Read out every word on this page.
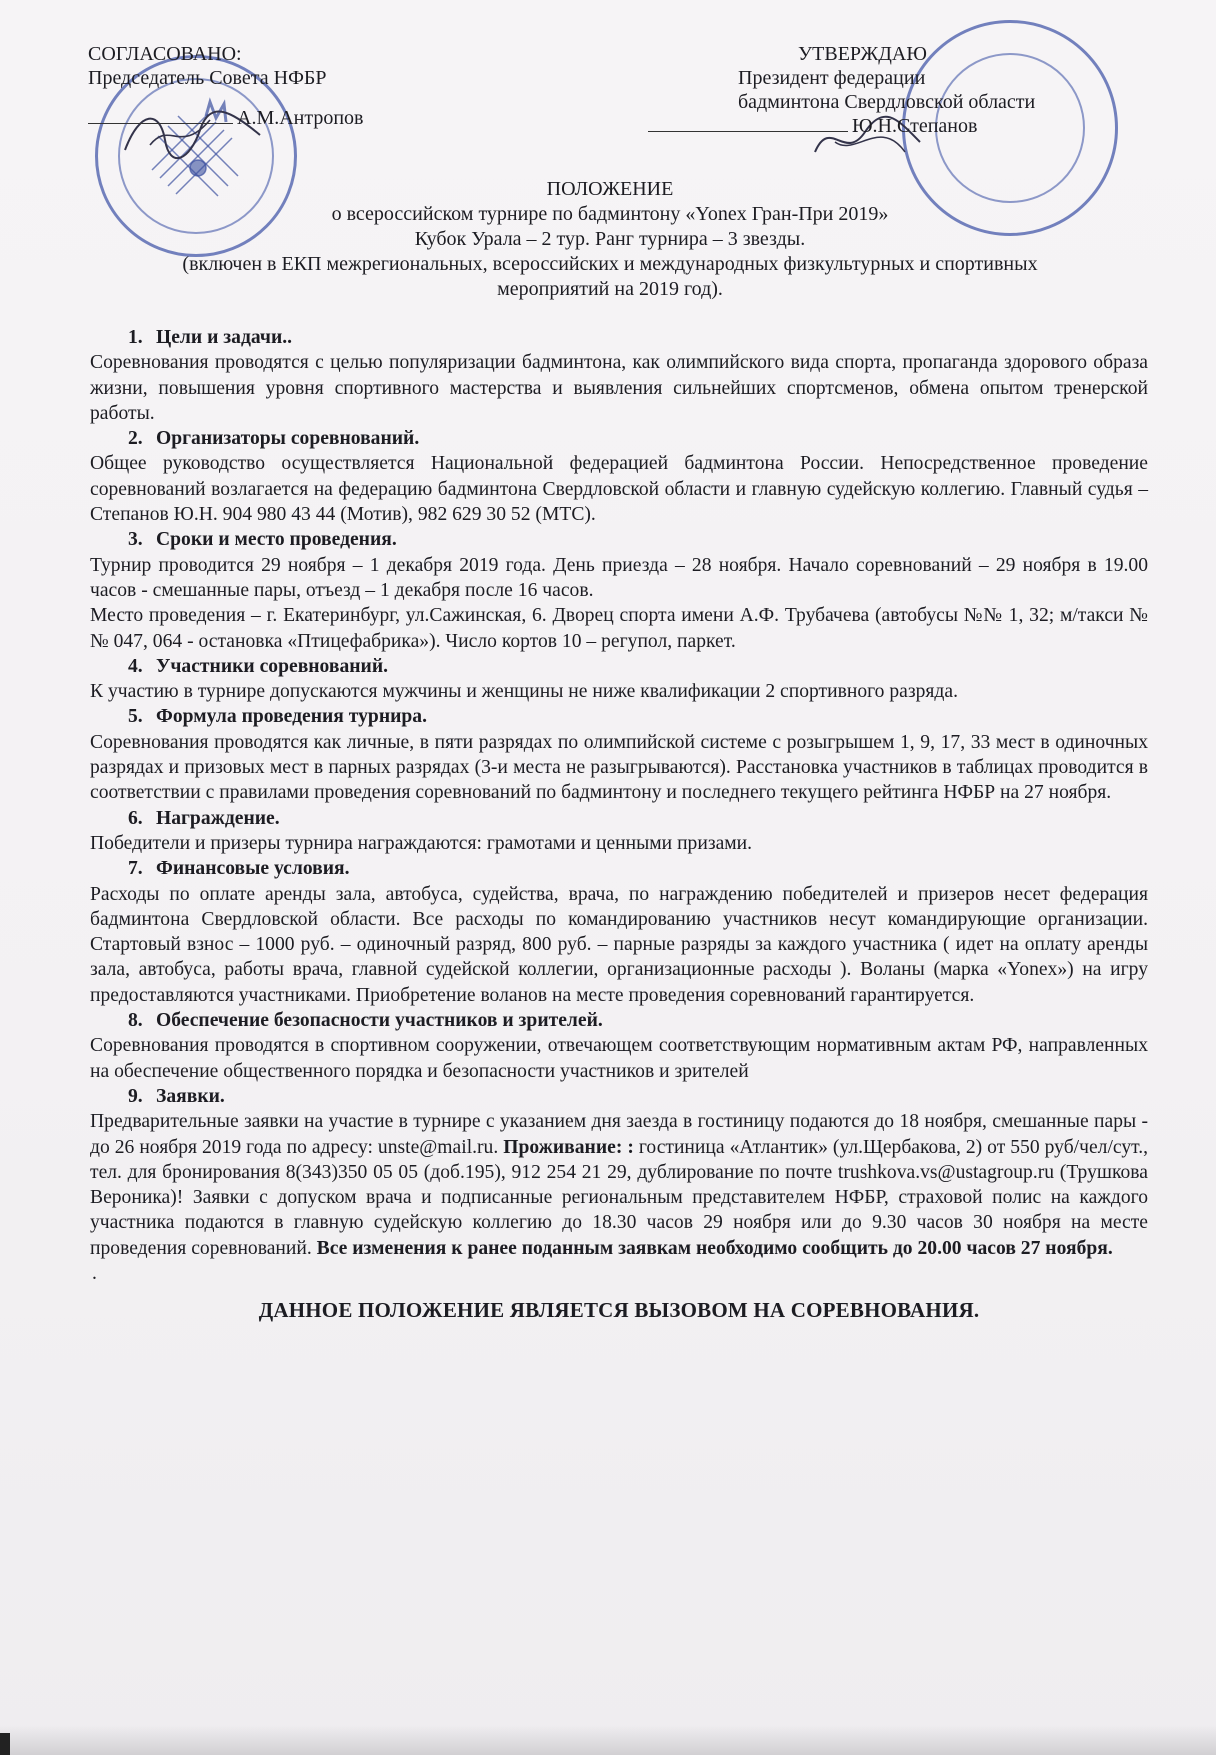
СОГЛАСОВАНО:
Председатель Совета НФБР
А.М.Антропов
УТВЕРЖДАЮ
Президент федерации
бадминтона Свердловской области
Ю.Н.Степанов
ПОЛОЖЕНИЕ
о всероссийском турнире по бадминтону «Yonex Гран-При 2019»
Кубок Урала – 2 тур. Ранг турнира – 3 звезды.
(включен в ЕКП межрегиональных, всероссийских и международных физкультурных и спортивных
мероприятий на 2019 год).
1. Цели и задачи..
Соревнования проводятся с целью популяризации бадминтона, как олимпийского вида спорта, пропаганда здорового образа жизни, повышения уровня спортивного мастерства и выявления сильнейших спортсменов, обмена опытом тренерской работы.
2. Организаторы соревнований.
Общее руководство осуществляется Национальной федерацией бадминтона России. Непосредственное проведение соревнований возлагается на федерацию бадминтона Свердловской области и главную судейскую коллегию. Главный судья – Степанов Ю.Н. 904 980 43 44 (Мотив), 982 629 30 52 (МТС).
3. Сроки и место проведения.
Турнир проводится 29 ноября – 1 декабря 2019 года. День приезда – 28 ноября. Начало соревнований – 29 ноября в 19.00 часов - смешанные пары, отъезд – 1 декабря после 16 часов.
Место проведения – г. Екатеринбург, ул.Сажинская, 6. Дворец спорта имени А.Ф. Трубачева (автобусы №№ 1, 32; м/такси №№ 047, 064 - остановка «Птицефабрика»). Число кортов 10 – регупол, паркет.
4. Участники соревнований.
К участию в турнире допускаются мужчины и женщины не ниже квалификации 2 спортивного разряда.
5. Формула проведения турнира.
Соревнования проводятся как личные, в пяти разрядах по олимпийской системе с розыгрышем 1, 9, 17, 33 мест в одиночных разрядах и призовых мест в парных разрядах (3-и места не разыгрываются). Расстановка участников в таблицах проводится в соответствии с правилами проведения соревнований по бадминтону и последнего текущего рейтинга НФБР на 27 ноября.
6. Награждение.
Победители и призеры турнира награждаются: грамотами и ценными призами.
7. Финансовые условия.
Расходы по оплате аренды зала, автобуса, судейства, врача, по награждению победителей и призеров несет федерация бадминтона Свердловской области. Все расходы по командированию участников несут командирующие организации. Стартовый взнос – 1000 руб. – одиночный разряд, 800 руб. – парные разряды за каждого участника ( идет на оплату аренды зала, автобуса, работы врача, главной судейской коллегии, организационные расходы ). Воланы (марка «Yonex») на игру предоставляются участниками. Приобретение воланов на месте проведения соревнований гарантируется.
8. Обеспечение безопасности участников и зрителей.
Соревнования проводятся в спортивном сооружении, отвечающем соответствующим нормативным актам РФ, направленных на обеспечение общественного порядка и безопасности участников и зрителей
9. Заявки.
Предварительные заявки на участие в турнире с указанием дня заезда в гостиницу подаются до 18 ноября, смешанные пары - до 26 ноября 2019 года по адресу: unste@mail.ru. Проживание: : гостиница «Атлантик» (ул.Щербакова, 2) от 550 руб/чел/сут., тел. для бронирования 8(343)350 05 05 (доб.195), 912 254 21 29, дублирование по почте trushkova.vs@ustagroup.ru (Трушкова Вероника)! Заявки с допуском врача и подписанные региональным представителем НФБР, страховой полис на каждого участника подаются в главную судейскую коллегию до 18.30 часов 29 ноября или до 9.30 часов 30 ноября на месте проведения соревнований. Все изменения к ранее поданным заявкам необходимо сообщить до 20.00 часов 27 ноября.
.
ДАННОЕ ПОЛОЖЕНИЕ ЯВЛЯЕТСЯ ВЫЗОВОМ НА СОРЕВНОВАНИЯ.
